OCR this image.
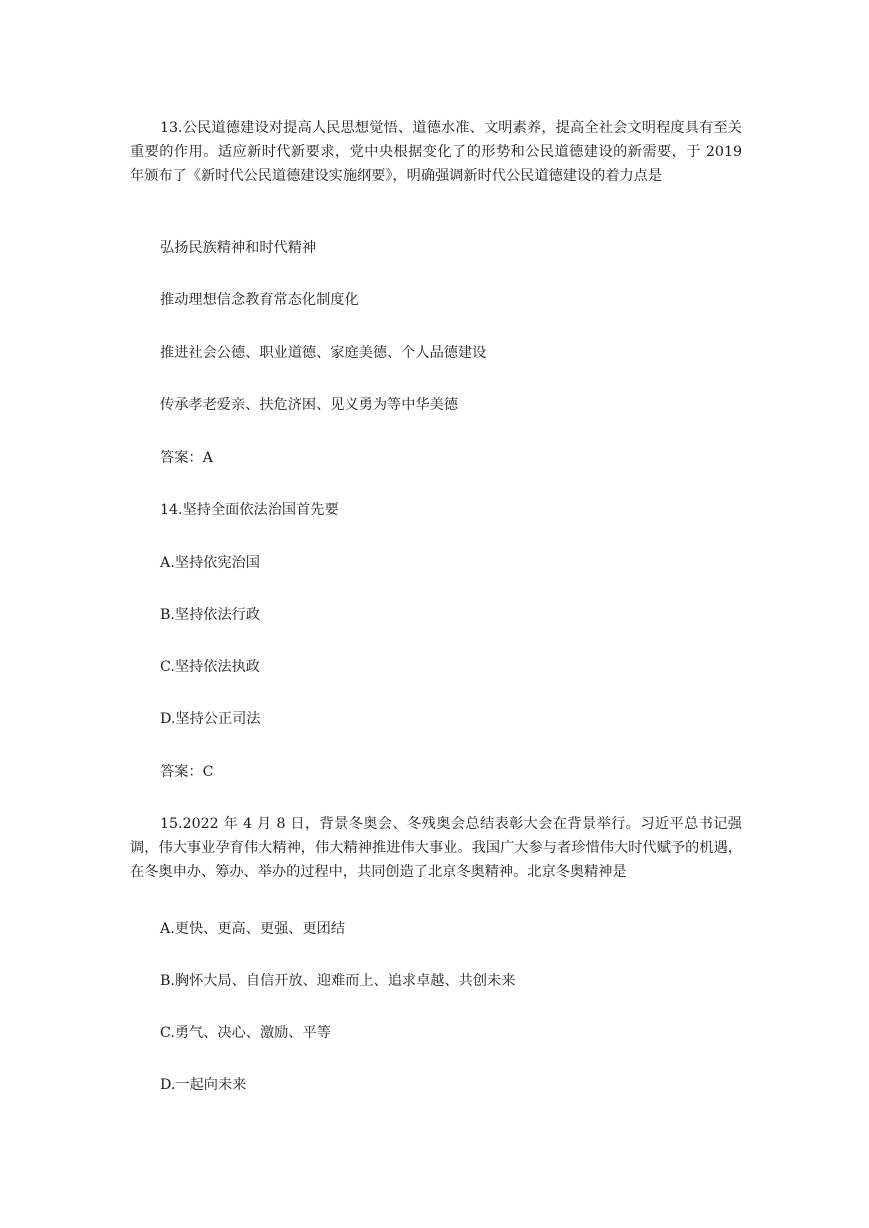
13.公民道德建设对提高人民思想觉悟、道德水准、文明素养，提高全社会文明程度具有至关重要的作用。适应新时代新要求，党中央根据变化了的形势和公民道德建设的新需要，于 2019 年颁布了《新时代公民道德建设实施纲要》，明确强调新时代公民道德建设的着力点是

弘扬民族精神和时代精神

推动理想信念教育常态化制度化

推进社会公德、职业道德、家庭美德、个人品德建设

传承孝老爱亲、扶危济困、见义勇为等中华美德

答案：A

14.坚持全面依法治国首先要

A.坚持依宪治国

B.坚持依法行政

C.坚持依法执政

D.坚持公正司法

答案：C

15.2022 年 4 月 8 日，背景冬奥会、冬残奥会总结表彰大会在背景举行。习近平总书记强调，伟大事业孕育伟大精神，伟大精神推进伟大事业。我国广大参与者珍惜伟大时代赋予的机遇，在冬奥申办、筹办、举办的过程中，共同创造了北京冬奥精神。北京冬奥精神是

A.更快、更高、更强、更团结

B.胸怀大局、自信开放、迎难而上、追求卓越、共创未来

C.勇气、决心、激励、平等

D.一起向未来
